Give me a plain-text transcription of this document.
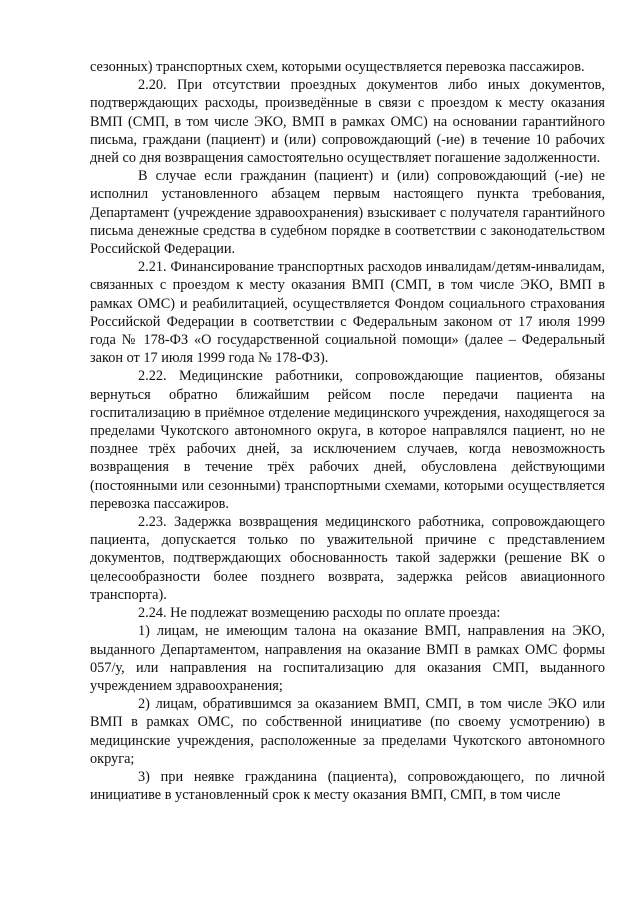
сезонных) транспортных схем, которыми осуществляется перевозка пассажиров.

2.20. При отсутствии проездных документов либо иных документов, подтверждающих расходы, произведённые в связи с проездом к месту оказания ВМП (СМП, в том числе ЭКО, ВМП в рамках ОМС) на основании гарантийного письма, граждани (пациент) и (или) сопровождающий (-ие) в течение 10 рабочих дней со дня возвращения самостоятельно осуществляет погашение задолженности.

В случае если гражданин (пациент) и (или) сопровождающий (-ие) не исполнил установленного абзацем первым настоящего пункта требования, Департамент (учреждение здравоохранения) взыскивает с получателя гарантийного письма денежные средства в судебном порядке в соответствии с законодательством Российской Федерации.

2.21. Финансирование транспортных расходов инвалидам/детям-инвалидам, связанных с проездом к месту оказания ВМП (СМП, в том числе ЭКО, ВМП в рамках ОМС) и реабилитацией, осуществляется Фондом социального страхования Российской Федерации в соответствии с Федеральным законом от 17 июля 1999 года № 178-ФЗ «О государственной социальной помощи» (далее – Федеральный закон от 17 июля 1999 года № 178-ФЗ).

2.22. Медицинские работники, сопровождающие пациентов, обязаны вернуться обратно ближайшим рейсом после передачи пациента на госпитализацию в приёмное отделение медицинского учреждения, находящегося за пределами Чукотского автономного округа, в которое направлялся пациент, но не позднее трёх рабочих дней, за исключением случаев, когда невозможность возвращения в течение трёх рабочих дней, обусловлена действующими (постоянными или сезонными) транспортными схемами, которыми осуществляется перевозка пассажиров.

2.23. Задержка возвращения медицинского работника, сопровождающего пациента, допускается только по уважительной причине с представлением документов, подтверждающих обоснованность такой задержки (решение ВК о целесообразности более позднего возврата, задержка рейсов авиационного транспорта).

2.24. Не подлежат возмещению расходы по оплате проезда:

1) лицам, не имеющим талона на оказание ВМП, направления на ЭКО, выданного Департаментом, направления на оказание ВМП в рамках ОМС формы 057/у, или направления на госпитализацию для оказания СМП, выданного учреждением здравоохранения;

2) лицам, обратившимся за оказанием ВМП, СМП, в том числе ЭКО или ВМП в рамках ОМС, по собственной инициативе (по своему усмотрению) в медицинские учреждения, расположенные за пределами Чукотского автономного округа;

3) при неявке гражданина (пациента), сопровождающего, по личной инициативе в установленный срок к месту оказания ВМП, СМП, в том числе
